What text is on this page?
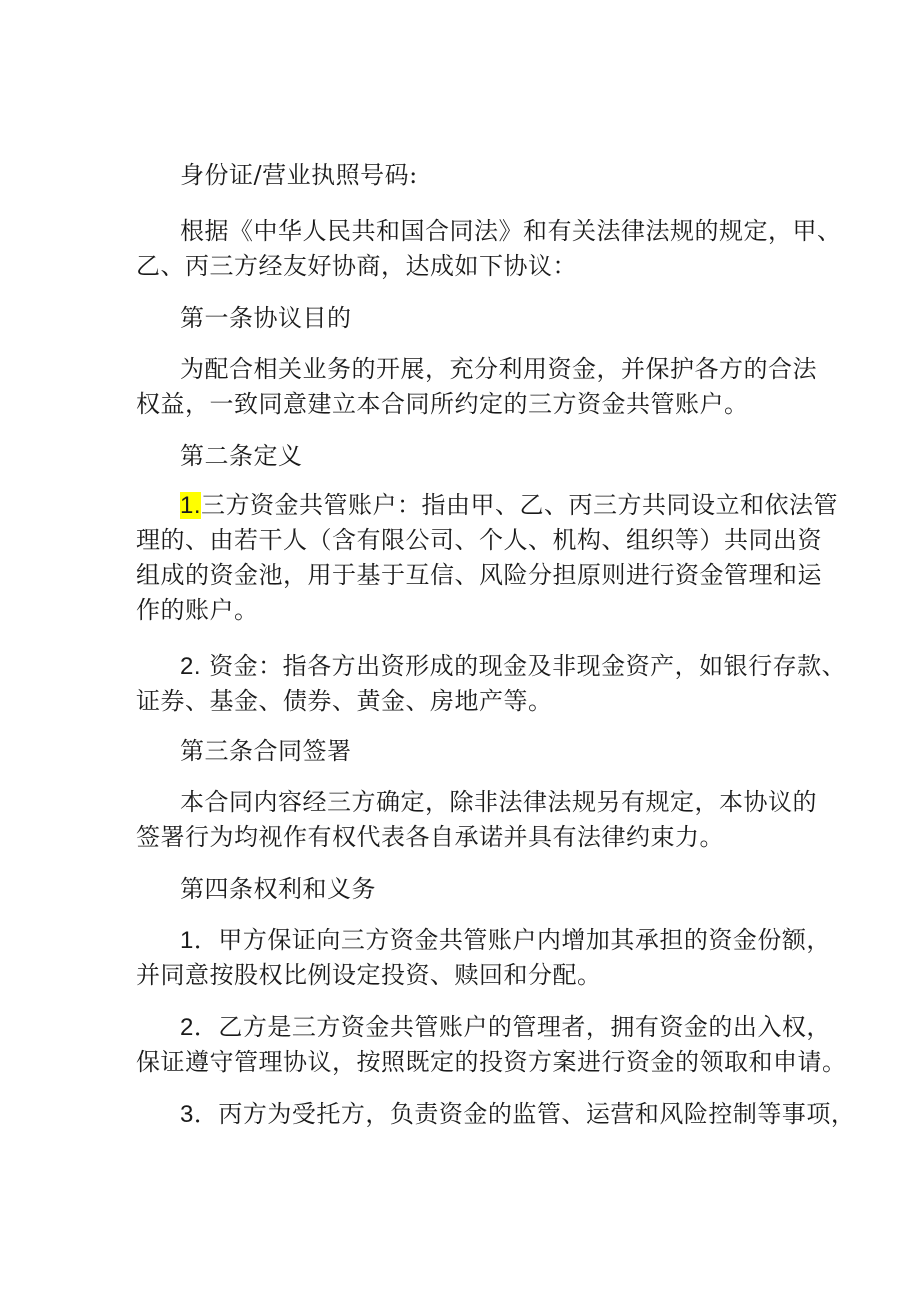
身份证/营业执照号码:

根据《中华人民共和国合同法》和有关法律法规的规定，甲、
乙、丙三方经友好协商，达成如下协议：

第一条协议目的

为配合相关业务的开展，充分利用资金，并保护各方的合法
权益，一致同意建立本合同所约定的三方资金共管账户。

第二条定义

1.三方资金共管账户：指由甲、乙、丙三方共同设立和依法管
理的、由若干人（含有限公司、个人、机构、组织等）共同出资
组成的资金池，用于基于互信、风险分担原则进行资金管理和运
作的账户。

2. 资金：指各方出资形成的现金及非现金资产，如银行存款、
证券、基金、债券、黄金、房地产等。

第三条合同签署

本合同内容经三方确定，除非法律法规另有规定，本协议的
签署行为均视作有权代表各自承诺并具有法律约束力。

第四条权利和义务

1．甲方保证向三方资金共管账户内增加其承担的资金份额，
并同意按股权比例设定投资、赎回和分配。

2．乙方是三方资金共管账户的管理者，拥有资金的出入权，
保证遵守管理协议，按照既定的投资方案进行资金的领取和申请。

3．丙方为受托方，负责资金的监管、运营和风险控制等事项，
